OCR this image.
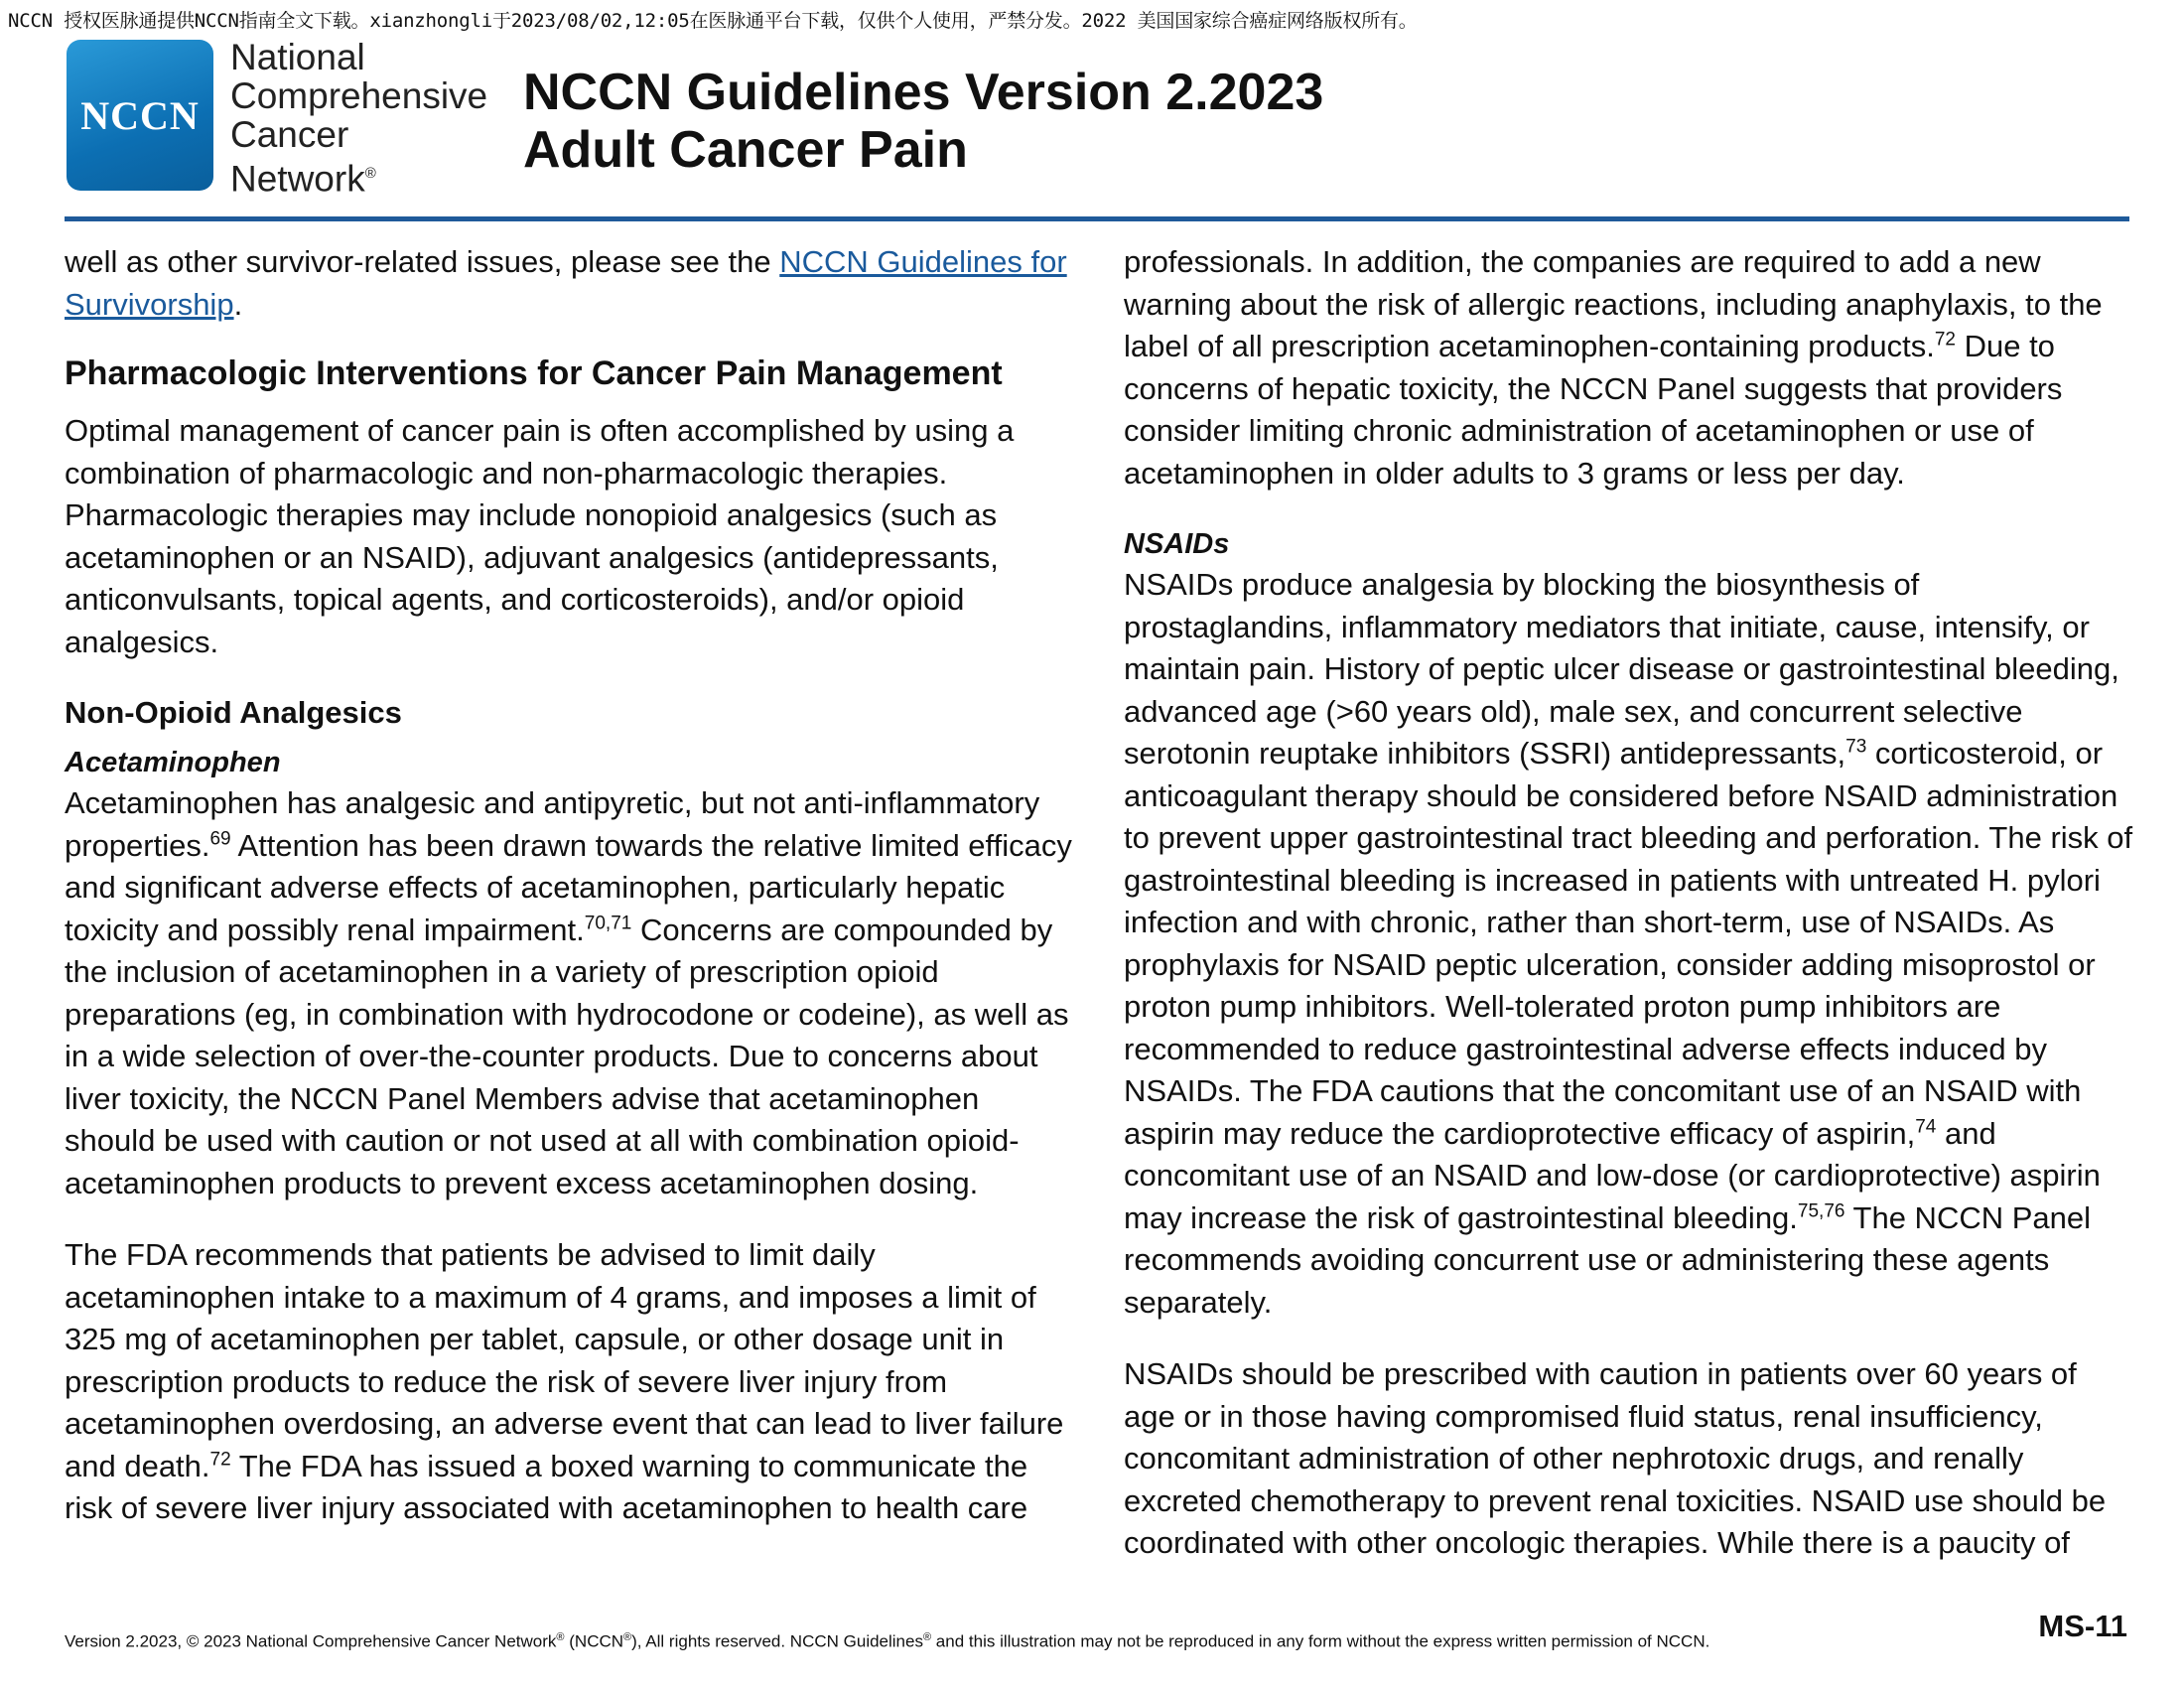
NCCN 授权医脉通提供NCCN指南全文下载。xianzhongli于2023/08/02,12:05在医脉通平台下载，仅供个人使用，严禁分发。2022 美国国家综合癌症网络版权所有。
NCCN
National
Comprehensive
Cancer
Network®
NCCN Guidelines Version 2.2023
Adult Cancer Pain

well as other survivor-related issues, please see the NCCN Guidelines for Survivorship.

Pharmacologic Interventions for Cancer Pain Management

Optimal management of cancer pain is often accomplished by using a combination of pharmacologic and non-pharmacologic therapies. Pharmacologic therapies may include nonopioid analgesics (such as acetaminophen or an NSAID), adjuvant analgesics (antidepressants, anticonvulsants, topical agents, and corticosteroids), and/or opioid analgesics.

Non-Opioid Analgesics

Acetaminophen

Acetaminophen has analgesic and antipyretic, but not anti-inflammatory properties.$^{69}$ Attention has been drawn towards the relative limited efficacy and significant adverse effects of acetaminophen, particularly hepatic toxicity and possibly renal impairment.$^{70,71}$ Concerns are compounded by the inclusion of acetaminophen in a variety of prescription opioid preparations (eg, in combination with hydrocodone or codeine), as well as in a wide selection of over-the-counter products. Due to concerns about liver toxicity, the NCCN Panel Members advise that acetaminophen should be used with caution or not used at all with combination opioid-acetaminophen products to prevent excess acetaminophen dosing.

The FDA recommends that patients be advised to limit daily acetaminophen intake to a maximum of 4 grams, and imposes a limit of 325 mg of acetaminophen per tablet, capsule, or other dosage unit in prescription products to reduce the risk of severe liver injury from acetaminophen overdosing, an adverse event that can lead to liver failure and death.$^{72}$ The FDA has issued a boxed warning to communicate the risk of severe liver injury associated with acetaminophen to health care

professionals. In addition, the companies are required to add a new warning about the risk of allergic reactions, including anaphylaxis, to the label of all prescription acetaminophen-containing products.$^{72}$ Due to concerns of hepatic toxicity, the NCCN Panel suggests that providers consider limiting chronic administration of acetaminophen or use of acetaminophen in older adults to 3 grams or less per day.

NSAIDs

NSAIDs produce analgesia by blocking the biosynthesis of prostaglandins, inflammatory mediators that initiate, cause, intensify, or maintain pain. History of peptic ulcer disease or gastrointestinal bleeding, advanced age (>60 years old), male sex, and concurrent selective serotonin reuptake inhibitors (SSRI) antidepressants,$^{73}$ corticosteroid, or anticoagulant therapy should be considered before NSAID administration to prevent upper gastrointestinal tract bleeding and perforation. The risk of gastrointestinal bleeding is increased in patients with untreated H. pylori infection and with chronic, rather than short-term, use of NSAIDs. As prophylaxis for NSAID peptic ulceration, consider adding misoprostol or proton pump inhibitors. Well-tolerated proton pump inhibitors are recommended to reduce gastrointestinal adverse effects induced by NSAIDs. The FDA cautions that the concomitant use of an NSAID with aspirin may reduce the cardioprotective efficacy of aspirin,$^{74}$ and concomitant use of an NSAID and low-dose (or cardioprotective) aspirin may increase the risk of gastrointestinal bleeding.$^{75,76}$ The NCCN Panel recommends avoiding concurrent use or administering these agents separately.

NSAIDs should be prescribed with caution in patients over 60 years of age or in those having compromised fluid status, renal insufficiency, concomitant administration of other nephrotoxic drugs, and renally excreted chemotherapy to prevent renal toxicities. NSAID use should be coordinated with other oncologic therapies. While there is a paucity of

Version 2.2023, © 2023 National Comprehensive Cancer Network® (NCCN®), All rights reserved. NCCN Guidelines® and this illustration may not be reproduced in any form without the express written permission of NCCN.	MS-11
